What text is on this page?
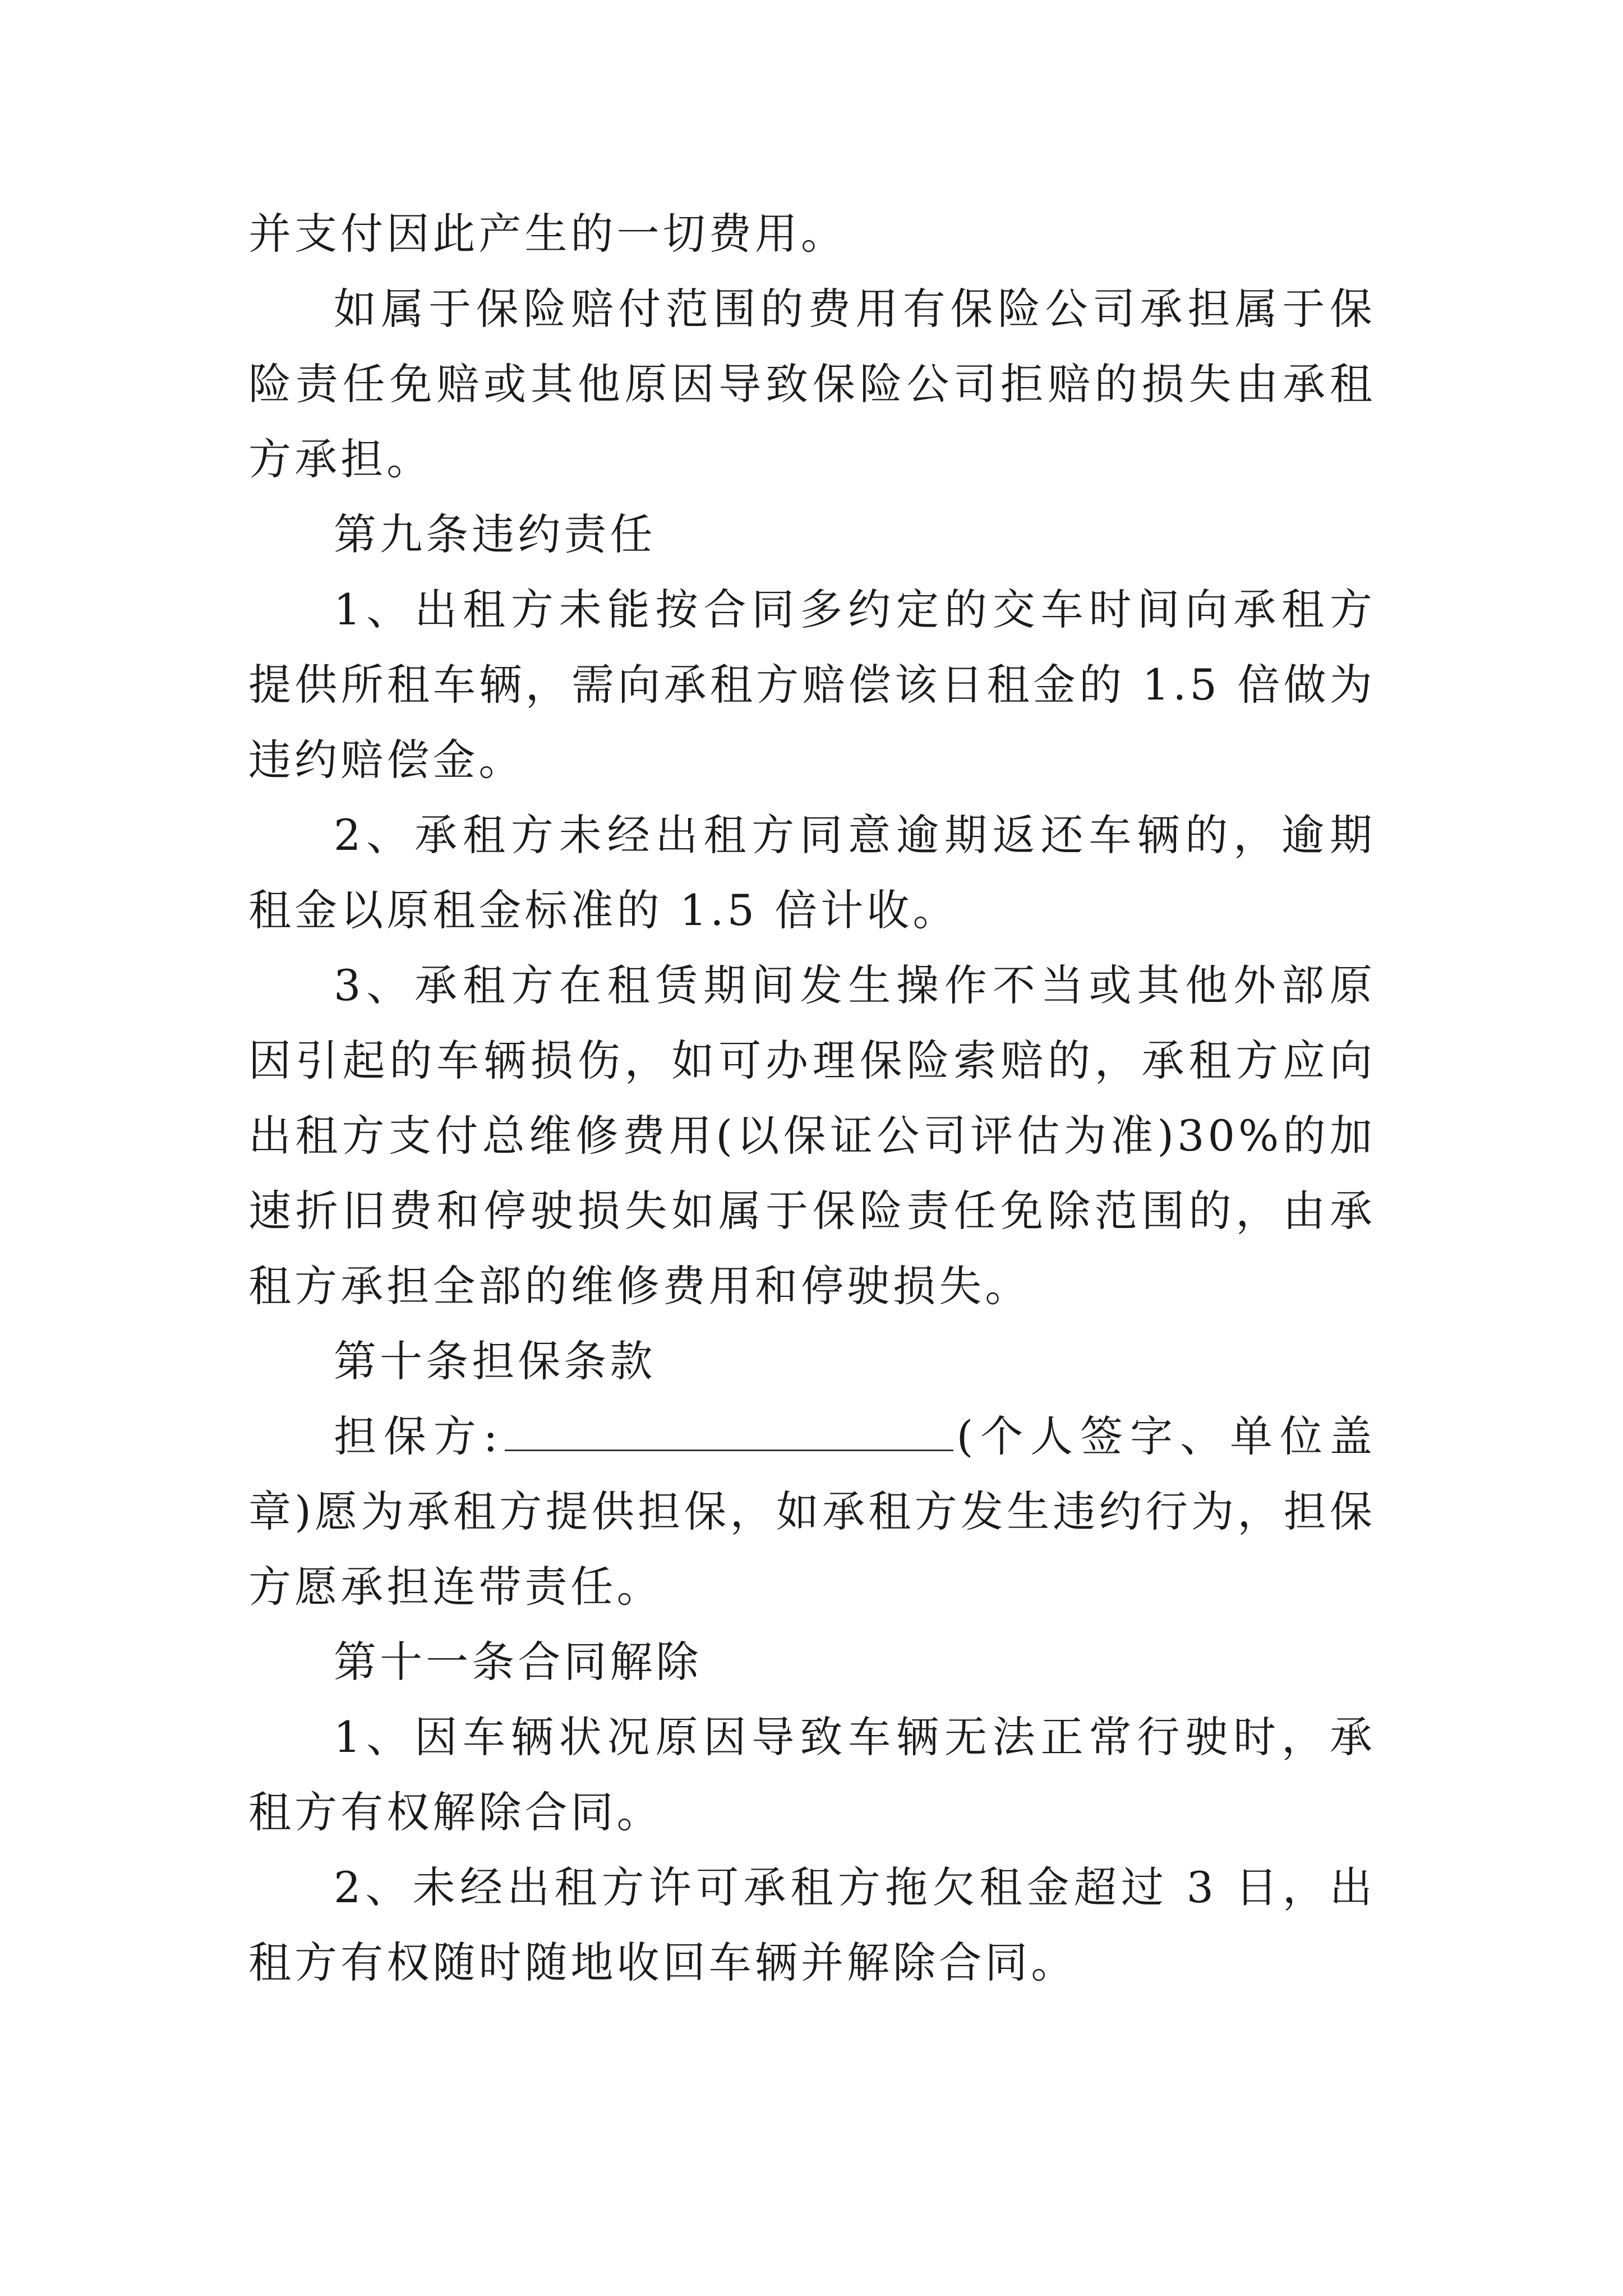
并支付因此产生的一切费用。

如属于保险赔付范围的费用有保险公司承担属于保险责任免赔或其他原因导致保险公司拒赔的损失由承租方承担。

第九条违约责任

1、出租方未能按合同多约定的交车时间向承租方提供所租车辆，需向承租方赔偿该日租金的 1.5 倍做为违约赔偿金。

2、承租方未经出租方同意逾期返还车辆的，逾期租金以原租金标准的 1.5 倍计收。

3、承租方在租赁期间发生操作不当或其他外部原因引起的车辆损伤，如可办理保险索赔的，承租方应向出租方支付总维修费用(以保证公司评估为准)30%的加速折旧费和停驶损失如属于保险责任免除范围的，由承租方承担全部的维修费用和停驶损失。

第十条担保条款

担保方:	(个人签字、单位盖章)愿为承租方提供担保，如承租方发生违约行为，担保方愿承担连带责任。

第十一条合同解除

1、因车辆状况原因导致车辆无法正常行驶时，承租方有权解除合同。

2、未经出租方许可承租方拖欠租金超过 3 日，出租方有权随时随地收回车辆并解除合同。
